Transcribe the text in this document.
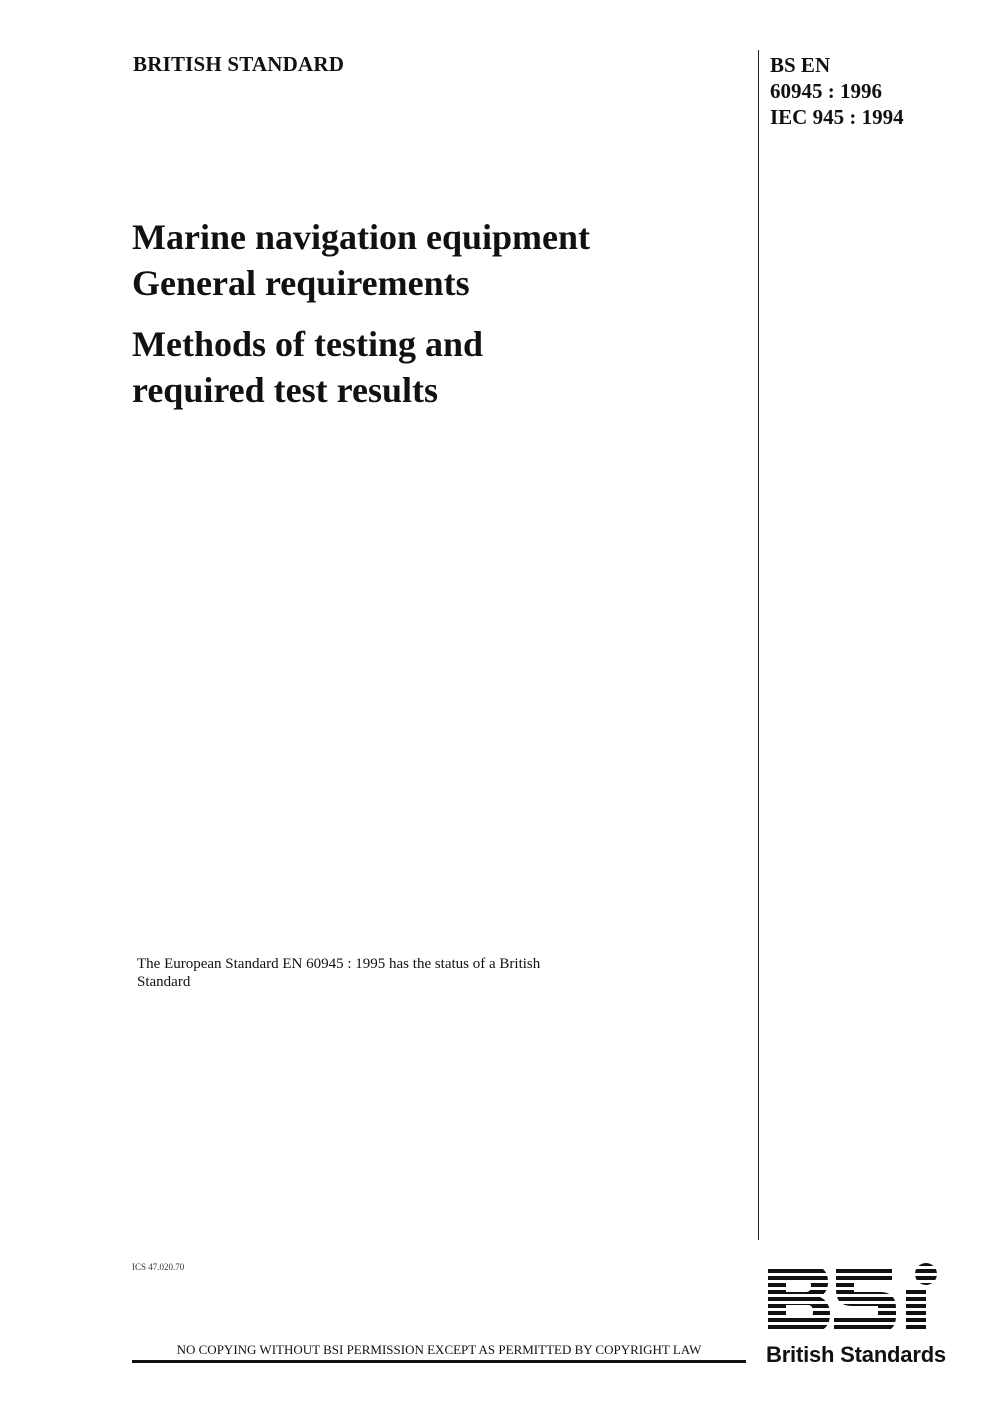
BRITISH STANDARD	BS EN
60945 : 1996
IEC 945 : 1994
Marine navigation equipment
General requirements
Methods of testing and
required test results
The European Standard EN 60945 : 1995 has the status of a British Standard
ICS 47.020.70
NO COPYING WITHOUT BSI PERMISSION EXCEPT AS PERMITTED BY COPYRIGHT LAW	British Standards
